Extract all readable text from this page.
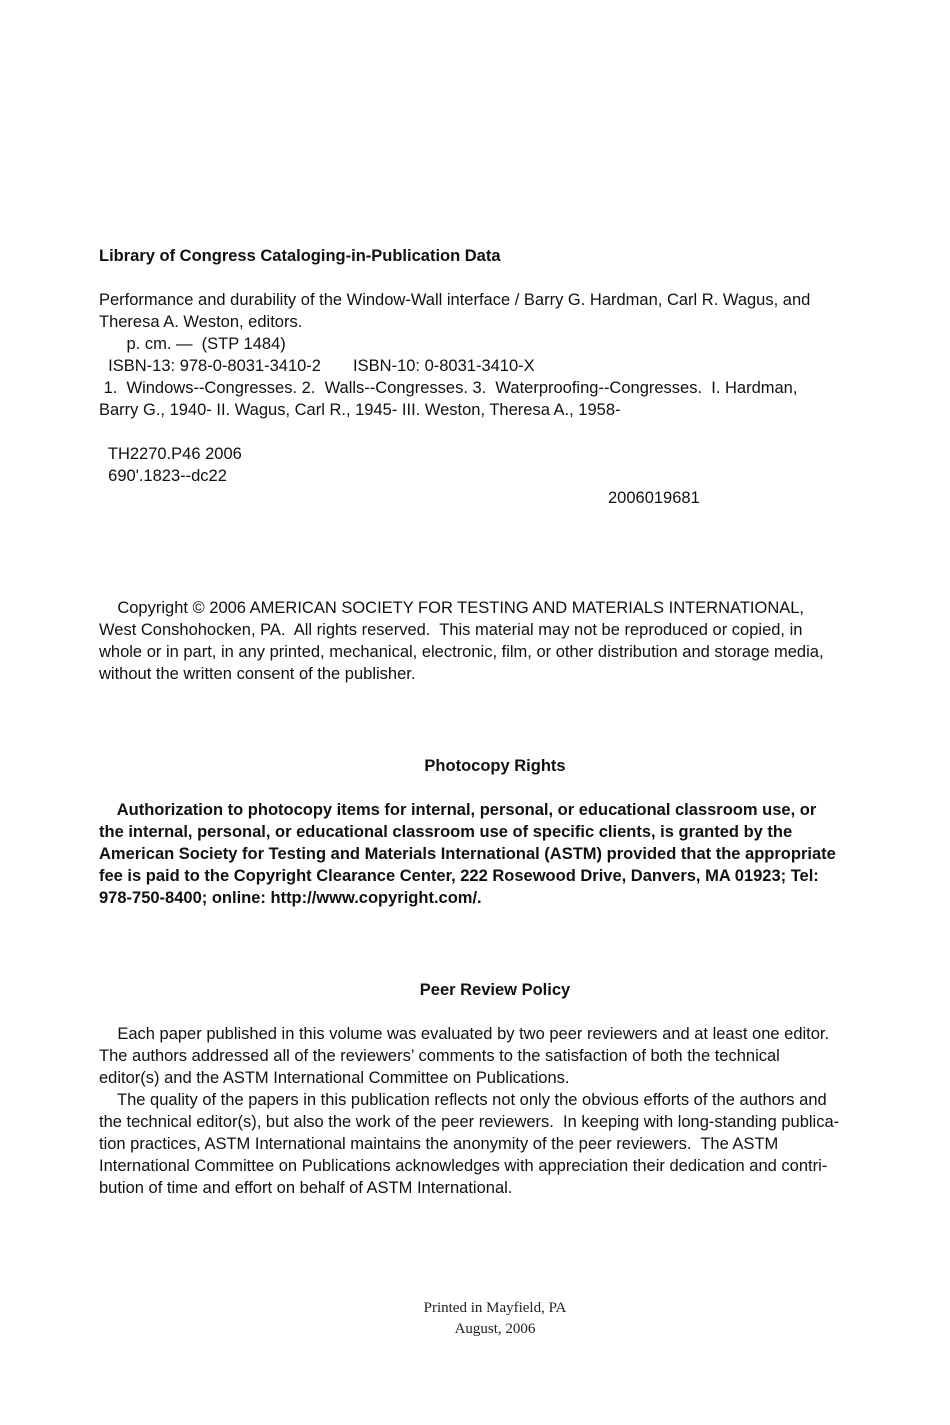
Library of Congress Cataloging-in-Publication Data
Performance and durability of the Window-Wall interface / Barry G. Hardman, Carl R. Wagus, and
Theresa A. Weston, editors.
p. cm. —  (STP 1484)
ISBN-13: 978-0-8031-3410-2       ISBN-10: 0-8031-3410-X
1.  Windows--Congresses. 2.  Walls--Congresses. 3.  Waterproofing--Congresses.  I. Hardman,
Barry G., 1940- II. Wagus, Carl R., 1945- III. Weston, Theresa A., 1958-
TH2270.P46 2006
690'.1823--dc22
2006019681
Copyright © 2006 AMERICAN SOCIETY FOR TESTING AND MATERIALS INTERNATIONAL,
West Conshohocken, PA.  All rights reserved.  This material may not be reproduced or copied, in
whole or in part, in any printed, mechanical, electronic, film, or other distribution and storage media,
without the written consent of the publisher.
Photocopy Rights
Authorization to photocopy items for internal, personal, or educational classroom use, or
the internal, personal, or educational classroom use of specific clients, is granted by the
American Society for Testing and Materials International (ASTM) provided that the appropriate
fee is paid to the Copyright Clearance Center, 222 Rosewood Drive, Danvers, MA 01923; Tel:
978-750-8400; online: http://www.copyright.com/.
Peer Review Policy
Each paper published in this volume was evaluated by two peer reviewers and at least one editor.
The authors addressed all of the reviewers’ comments to the satisfaction of both the technical
editor(s) and the ASTM International Committee on Publications.
The quality of the papers in this publication reflects not only the obvious efforts of the authors and
the technical editor(s), but also the work of the peer reviewers.  In keeping with long-standing publica-
tion practices, ASTM International maintains the anonymity of the peer reviewers.  The ASTM
International Committee on Publications acknowledges with appreciation their dedication and contri-
bution of time and effort on behalf of ASTM International.
Printed in Mayfield, PA
August, 2006
